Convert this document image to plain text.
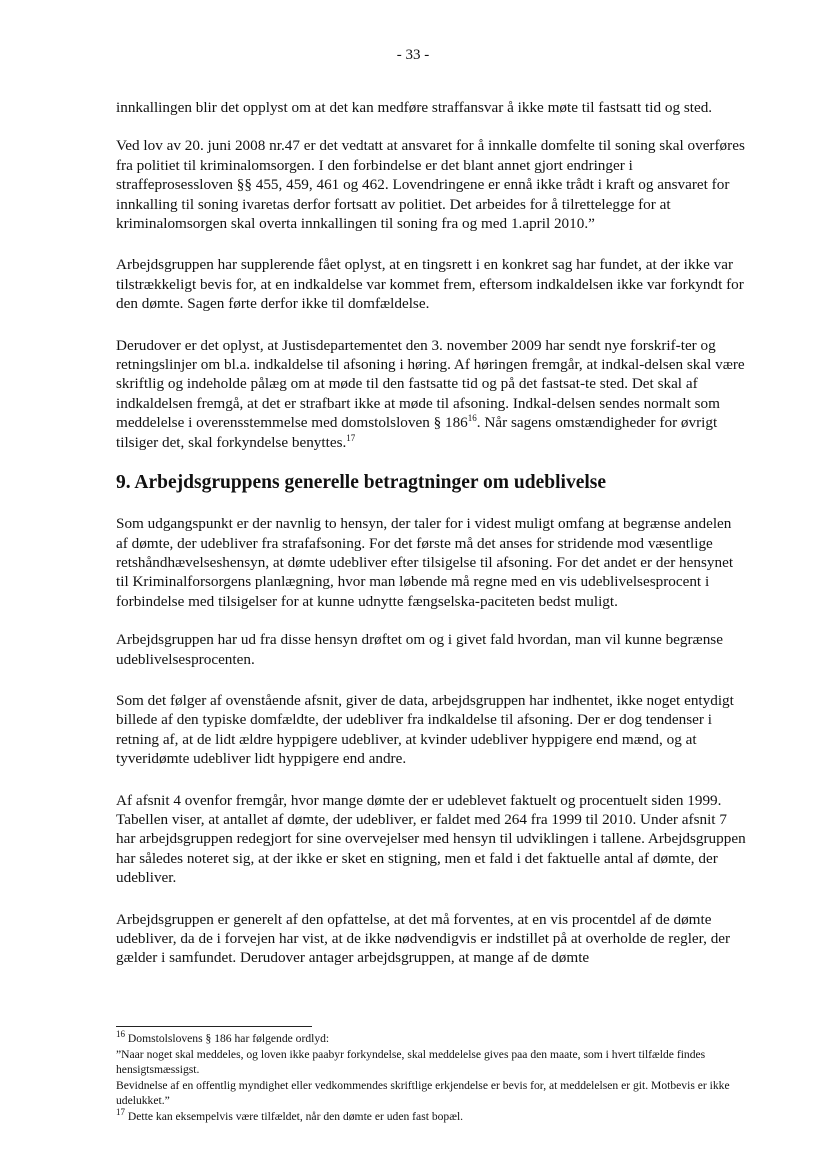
- 33 -

innkallingen blir det opplyst om at det kan medføre straffansvar å ikke møte til fastsatt tid og sted.

Ved lov av 20. juni 2008 nr.47 er det vedtatt at ansvaret for å innkalle domfelte til soning skal overføres fra politiet til kriminalomsorgen. I den forbindelse er det blant annet gjort endringer i straffeprosessloven §§ 455, 459, 461 og 462. Lovendringene er ennå ikke trådt i kraft og ansvaret for innkalling til soning ivaretas derfor fortsatt av politiet. Det arbeides for å tilrettelegge for at kriminalomsorgen skal overta innkallingen til soning fra og med 1.april 2010.”

Arbejdsgruppen har supplerende fået oplyst, at en tingsrett i en konkret sag har fundet, at der ikke var tilstrækkeligt bevis for, at en indkaldelse var kommet frem, eftersom indkaldelsen ikke var forkyndt for den dømte. Sagen førte derfor ikke til domfældelse.

Derudover er det oplyst, at Justisdepartementet den 3. november 2009 har sendt nye forskrif-ter og retningslinjer om bl.a. indkaldelse til afsoning i høring. Af høringen fremgår, at indkal-delsen skal være skriftlig og indeholde pålæg om at møde til den fastsatte tid og på det fastsat-te sted. Det skal af indkaldelsen fremgå, at det er strafbart ikke at møde til afsoning. Indkal-delsen sendes normalt som meddelelse i overensstemmelse med domstolsloven § $186^{16}$. Når sagens omstændigheder for øvrigt tilsiger det, skal forkyndelse benyttes.$^{17}$

9. Arbejdsgruppens generelle betragtninger om udeblivelse

Som udgangspunkt er der navnlig to hensyn, der taler for i videst muligt omfang at begrænse andelen af dømte, der udebliver fra strafafsoning. For det første må det anses for stridende mod væsentlige retshåndhævelseshensyn, at dømte udebliver efter tilsigelse til afsoning. For det andet er der hensynet til Kriminalforsorgens planlægning, hvor man løbende må regne med en vis udeblivelsesprocent i forbindelse med tilsigelser for at kunne udnytte fængselska-paciteten bedst muligt.

Arbejdsgruppen har ud fra disse hensyn drøftet om og i givet fald hvordan, man vil kunne begrænse udeblivelsesprocenten.

Som det følger af ovenstående afsnit, giver de data, arbejdsgruppen har indhentet, ikke noget entydigt billede af den typiske domfældte, der udebliver fra indkaldelse til afsoning. Der er dog tendenser i retning af, at de lidt ældre hyppigere udebliver, at kvinder udebliver hyppigere end mænd, og at tyveridømte udebliver lidt hyppigere end andre.

Af afsnit 4 ovenfor fremgår, hvor mange dømte der er udeblevet faktuelt og procentuelt siden 1999. Tabellen viser, at antallet af dømte, der udebliver, er faldet med 264 fra 1999 til 2010. Under afsnit 7 har arbejdsgruppen redegjort for sine overvejelser med hensyn til udviklingen i tallene. Arbejdsgruppen har således noteret sig, at der ikke er sket en stigning, men et fald i det faktuelle antal af dømte, der udebliver.

Arbejdsgruppen er generelt af den opfattelse, at det må forventes, at en vis procentdel af de dømte udebliver, da de i forvejen har vist, at de ikke nødvendigvis er indstillet på at overholde de regler, der gælder i samfundet. Derudover antager arbejdsgruppen, at mange af de dømte

$^{16}$ Domstolslovens § 186 har følgende ordlyd:

”Naar noget skal meddeles, og loven ikke paabyr forkyndelse, skal meddelelse gives paa den maate, som i hvert tilfælde findes hensigtsmæssigst.

Bevidnelse af en offentlig myndighet eller vedkommendes skriftlige erkjendelse er bevis for, at meddelelsen er git. Motbevis er ikke udelukket.”

$^{17}$ Dette kan eksempelvis være tilfældet, når den dømte er uden fast bopæl.
